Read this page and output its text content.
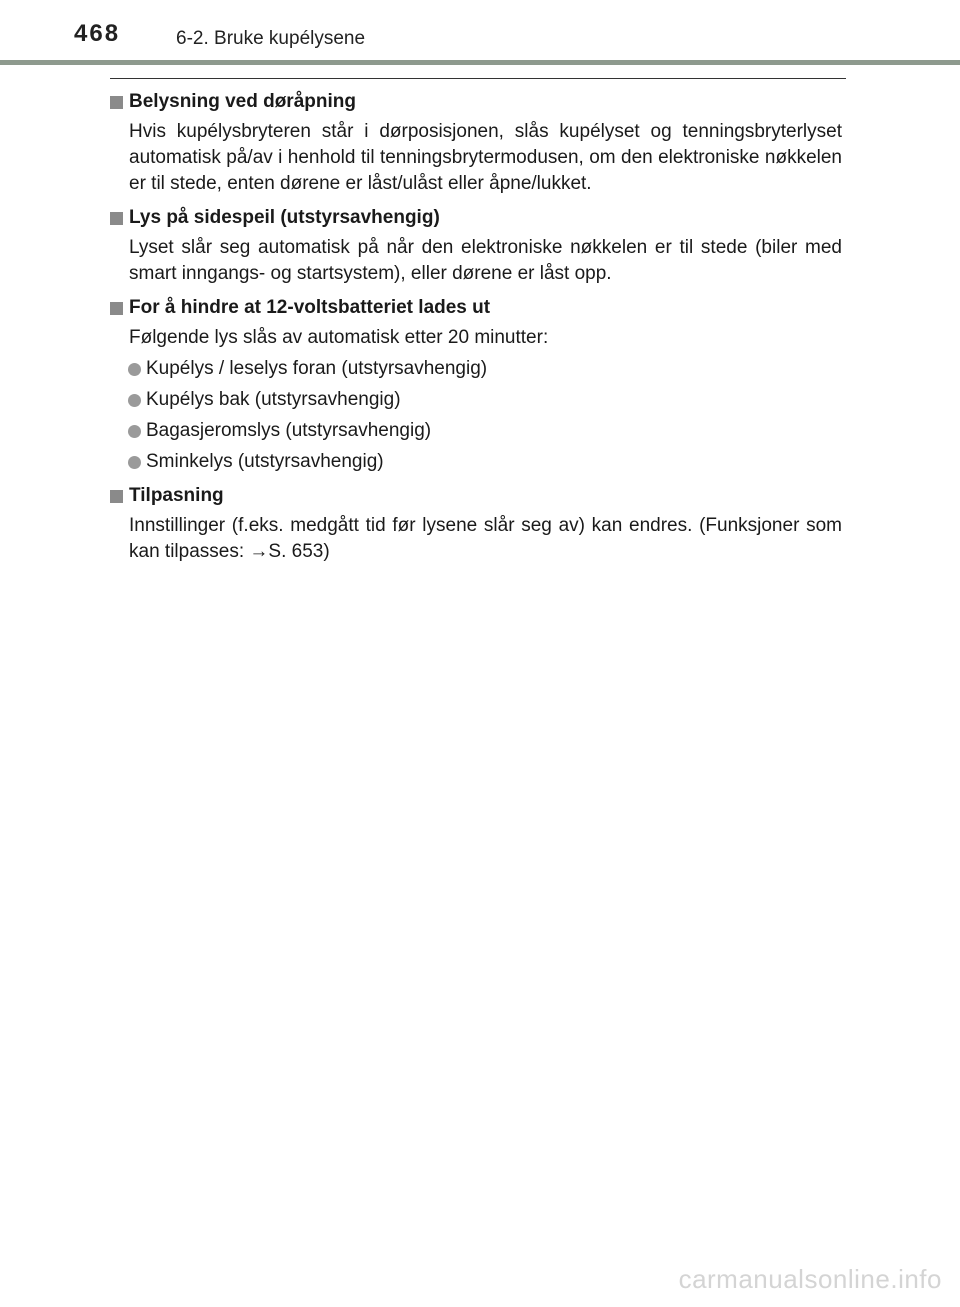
468	6-2. Bruke kupélysene
Belysning ved døråpning
Hvis kupélysbryteren står i dørposisjonen, slås kupélyset og tenningsbryterlyset automatisk på/av i henhold til tenningsbrytermodusen, om den elektroniske nøkkelen er til stede, enten dørene er låst/ulåst eller åpne/lukket.
Lys på sidespeil (utstyrsavhengig)
Lyset slår seg automatisk på når den elektroniske nøkkelen er til stede (biler med smart inngangs- og startsystem), eller dørene er låst opp.
For å hindre at 12-voltsbatteriet lades ut
Følgende lys slås av automatisk etter 20 minutter:
Kupélys / leselys foran (utstyrsavhengig)
Kupélys bak (utstyrsavhengig)
Bagasjeromslys (utstyrsavhengig)
Sminkelys (utstyrsavhengig)
Tilpasning
Innstillinger (f.eks. medgått tid før lysene slår seg av) kan endres. (Funksjoner som kan tilpasses: →S. 653)
carmanualsonline.info
